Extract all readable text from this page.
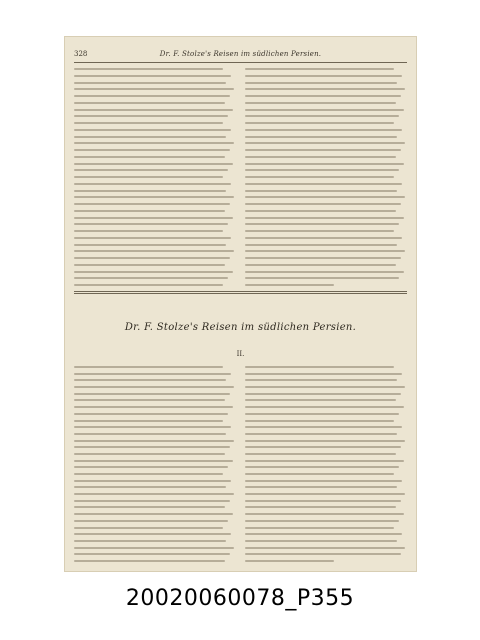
328	Dr. F. Stolze's Reisen im südlichen Persien.
Dr. F. Stolze's Reisen im südlichen Persien.
II.
20020060078_P355
